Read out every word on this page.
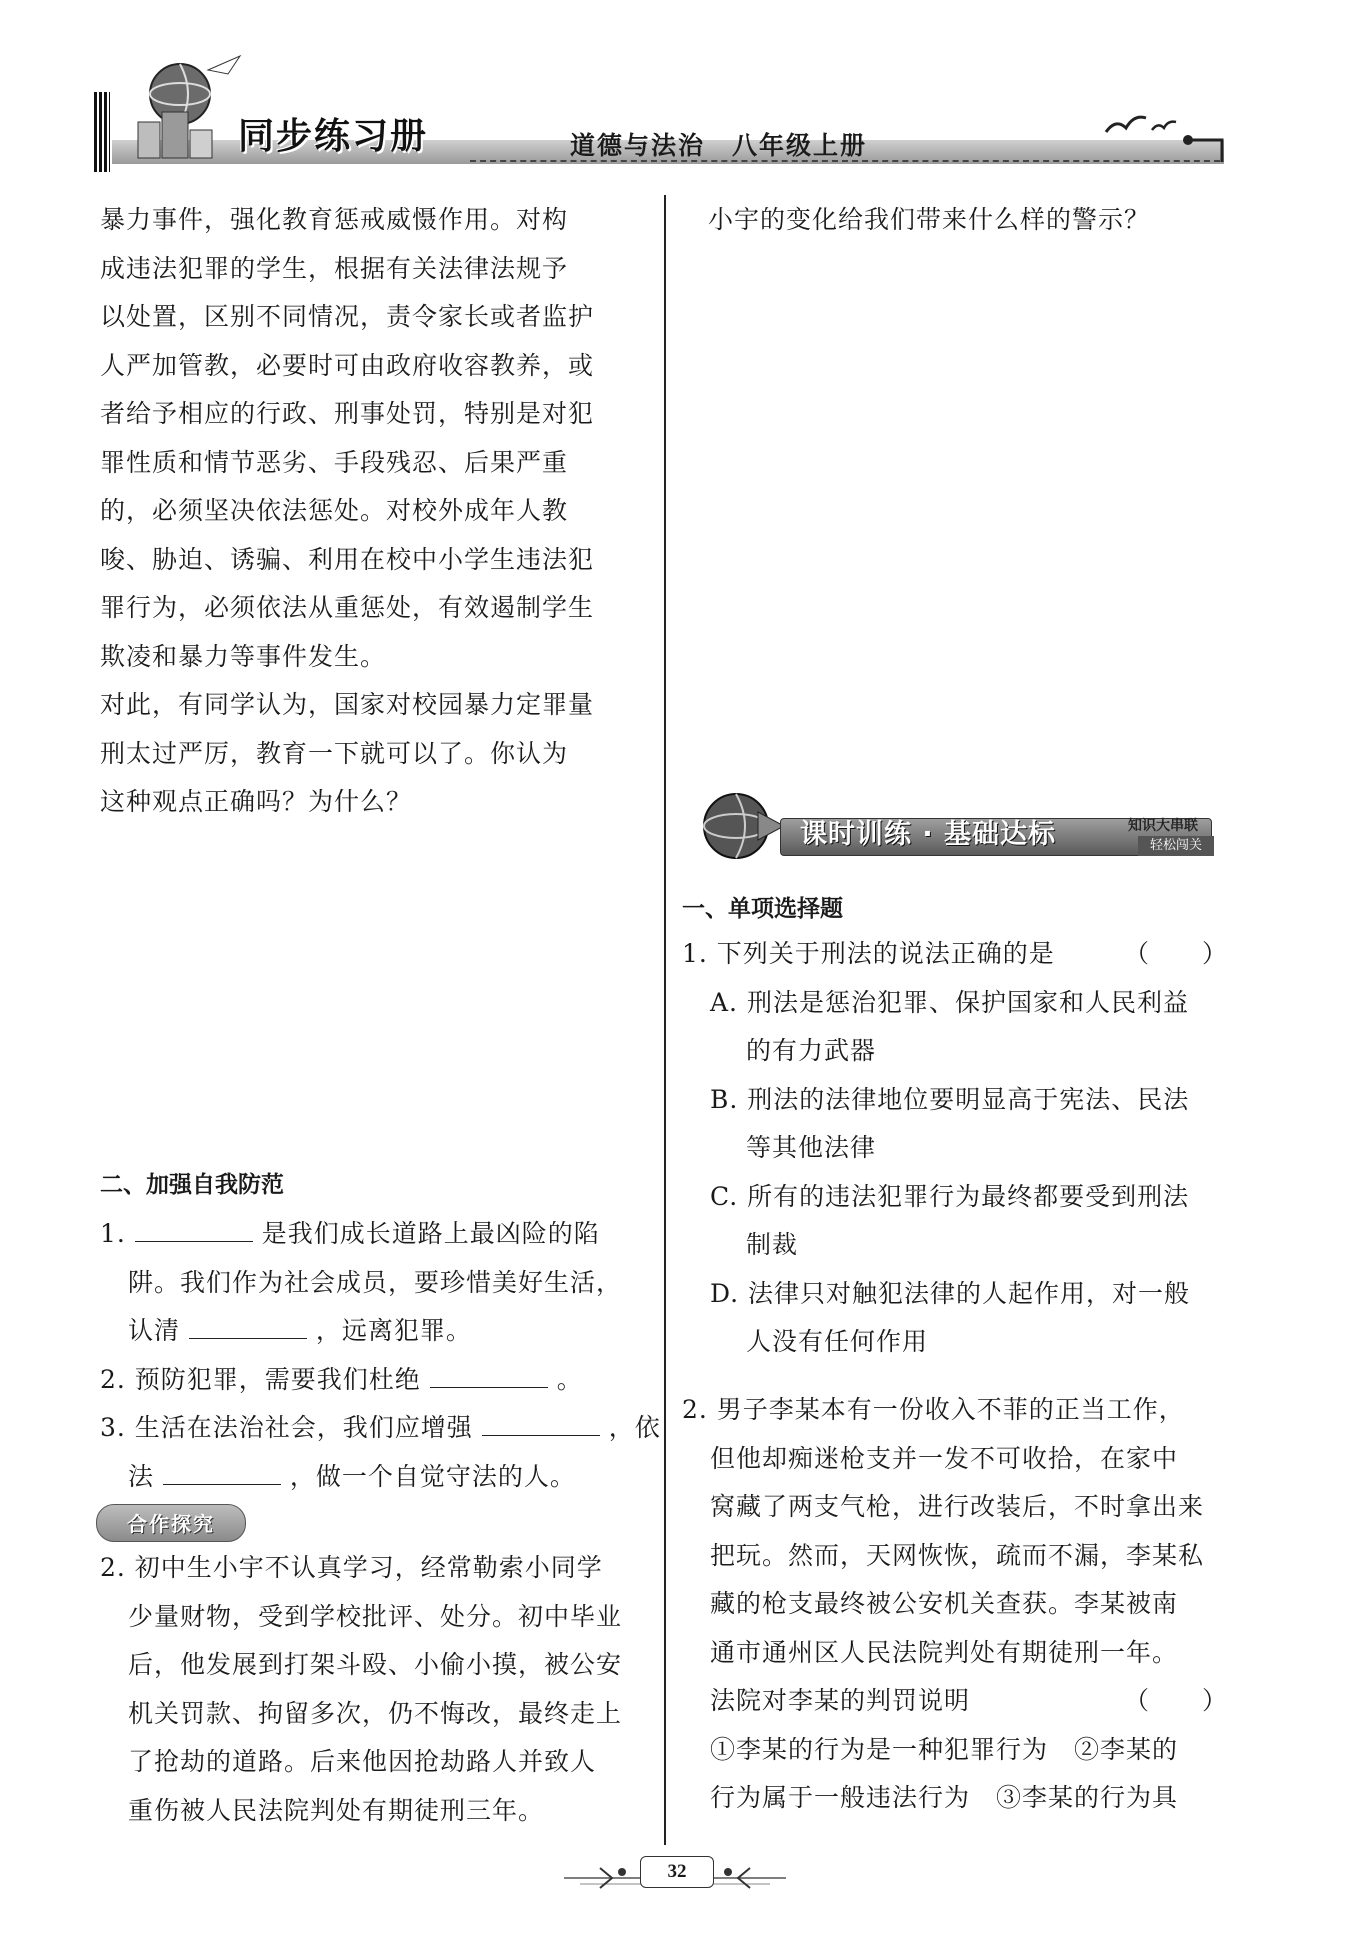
同步练习册	道德与法治　八年级上册

暴力事件，强化教育惩戒威慑作用。对构
成违法犯罪的学生，根据有关法律法规予
以处置，区别不同情况，责令家长或者监护
人严加管教，必要时可由政府收容教养，或
者给予相应的行政、刑事处罚，特别是对犯
罪性质和情节恶劣、手段残忍、后果严重
的，必须坚决依法惩处。对校外成年人教
唆、胁迫、诱骗、利用在校中小学生违法犯
罪行为，必须依法从重惩处，有效遏制学生
欺凌和暴力等事件发生。

对此，有同学认为，国家对校园暴力定罪量
刑太过严厉，教育一下就可以了。你认为
这种观点正确吗？为什么？

二、加强自我防范
1.	是我们成长道路上最凶险的陷
阱。我们作为社会成员，要珍惜美好生活，
认清	，远离犯罪。
2. 预防犯罪，需要我们杜绝	。
3. 生活在法治社会，我们应增强	，依
法	，做一个自觉守法的人。
合作探究
2. 初中生小宇不认真学习，经常勒索小同学
少量财物，受到学校批评、处分。初中毕业
后，他发展到打架斗殴、小偷小摸，被公安
机关罚款、拘留多次，仍不悔改，最终走上
了抢劫的道路。后来他因抢劫路人并致人
重伤被人民法院判处有期徒刑三年。
小宇的变化给我们带来什么样的警示？
课时训练 · 基础达标	知识大串联
轻松闯关
一、单项选择题
1. 下列关于刑法的说法正确的是	（　　）
A. 刑法是惩治犯罪、保护国家和人民利益
的有力武器
B. 刑法的法律地位要明显高于宪法、民法
等其他法律
C. 所有的违法犯罪行为最终都要受到刑法
制裁
D. 法律只对触犯法律的人起作用，对一般
人没有任何作用
2. 男子李某本有一份收入不菲的正当工作，
但他却痴迷枪支并一发不可收拾，在家中
窝藏了两支气枪，进行改装后，不时拿出来
把玩。然而，天网恢恢，疏而不漏，李某私
藏的枪支最终被公安机关查获。李某被南
通市通州区人民法院判处有期徒刑一年。
法院对李某的判罚说明	（　　）
①李某的行为是一种犯罪行为　②李某的
行为属于一般违法行为　③李某的行为具
32
